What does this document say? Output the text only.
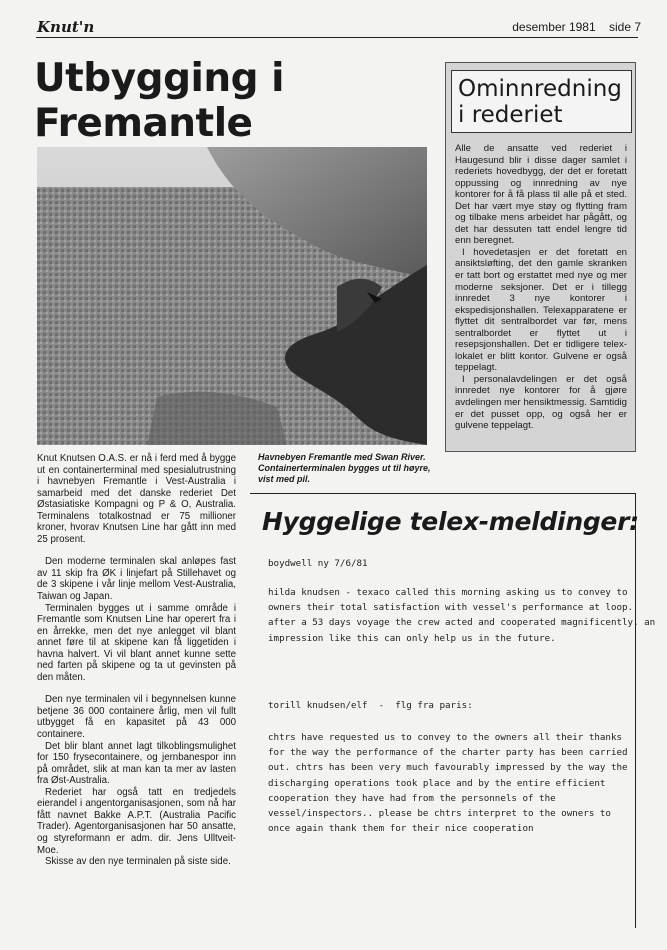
Knut'n	desember 1981    side 7
Utbygging i
Fremantle
Havnebyen Fremantle med Swan River. Containerterminalen bygges ut til høyre, vist med pil.
Ominnredning
i rederiet

Alle de ansatte ved rederiet i Haugesund blir i disse dager samlet i rederiets hovedbygg, der det er foretatt oppussing og innredning av nye kontorer for å få plass til alle på et sted. Det har vært mye støy og flytting fram og tilbake mens arbeidet har pågått, og det har dessuten tatt endel lengre tid enn beregnet.

I hovedetasjen er det foretatt en ansiktsløfting, det den gamle skranken er tatt bort og erstattet med nye og mer moderne seksjoner. Det er i tillegg innredet 3 nye kontorer i ekspedisjonshallen. Telexapparatene er flyttet dit sentralbordet var før, mens sentralbordet er flyttet ut i resepsjonshallen. Det er tidligere telex-lokalet er blitt kontor. Gulvene er også teppelagt.

I personalavdelingen er det også innredet nye kontorer for å gjøre avdelingen mer hensiktmessig. Samtidig er det pusset opp, og også her er gulvene teppelagt.

Knut Knutsen O.A.S. er nå i ferd med å bygge ut en containerterminal med spesialutrustning i havnebyen Fremantle i Vest-Australia i samarbeid med det danske rederiet Det Østasiatiske Kompagni og P & O, Australia. Terminalens totalkostnad er 75 millioner kroner, hvorav Knutsen Line har gått inn med 25 prosent.

Den moderne terminalen skal anløpes fast av 11 skip fra ØK i linjefart på Stillehavet og de 3 skipene i vår linje mellom Vest-Australia, Taiwan og Japan.

Terminalen bygges ut i samme område i Fremantle som Knutsen Line har operert fra i en årrekke, men det nye anlegget vil blant annet føre til at skipene kan få liggetiden i havna halvert. Vi vil blant annet kunne sette ned farten på skipene og ta ut gevinsten på den måten.

Den nye terminalen vil i begynnelsen kunne betjene 36 000 containere årlig, men vil fullt utbygget få en kapasitet på 43 000 containere.

Det blir blant annet lagt tilkoblingsmulighet for 150 frysecontainere, og jernbanespor inn på området, slik at man kan ta mer av lasten fra Øst-Australia.

Rederiet har også tatt en tredjedels eierandel i angentorganisasjonen, som nå har fått navnet Bakke A.P.T. (Australia Pacific Trader). Agentorganisasjonen har 50 ansatte, og styreformann er adm. dir. Jens Ulltveit-Moe.

Skisse av den nye terminalen på siste side.

Hyggelige telex-meldinger:
boydwell ny 7/6/81
hilda knudsen - texaco called this morning asking us to convey to
owners their total satisfaction with vessel's performance at loop.
after a 53 days voyage the crew acted and cooperated magnificently. an
impression like this can only help us in the future.
torill knudsen/elf  -  flg fra paris:
chtrs have requested us to convey to the owners all their thanks
for the way the performance of the charter party has been carried
out. chtrs has been very much favourably impressed by the way the
discharging operations took place and by the entire efficient
cooperation they have had from the personnels of the
vessel/inspectors.. please be chtrs interpret to the owners to
once again thank them for their nice cooperation
